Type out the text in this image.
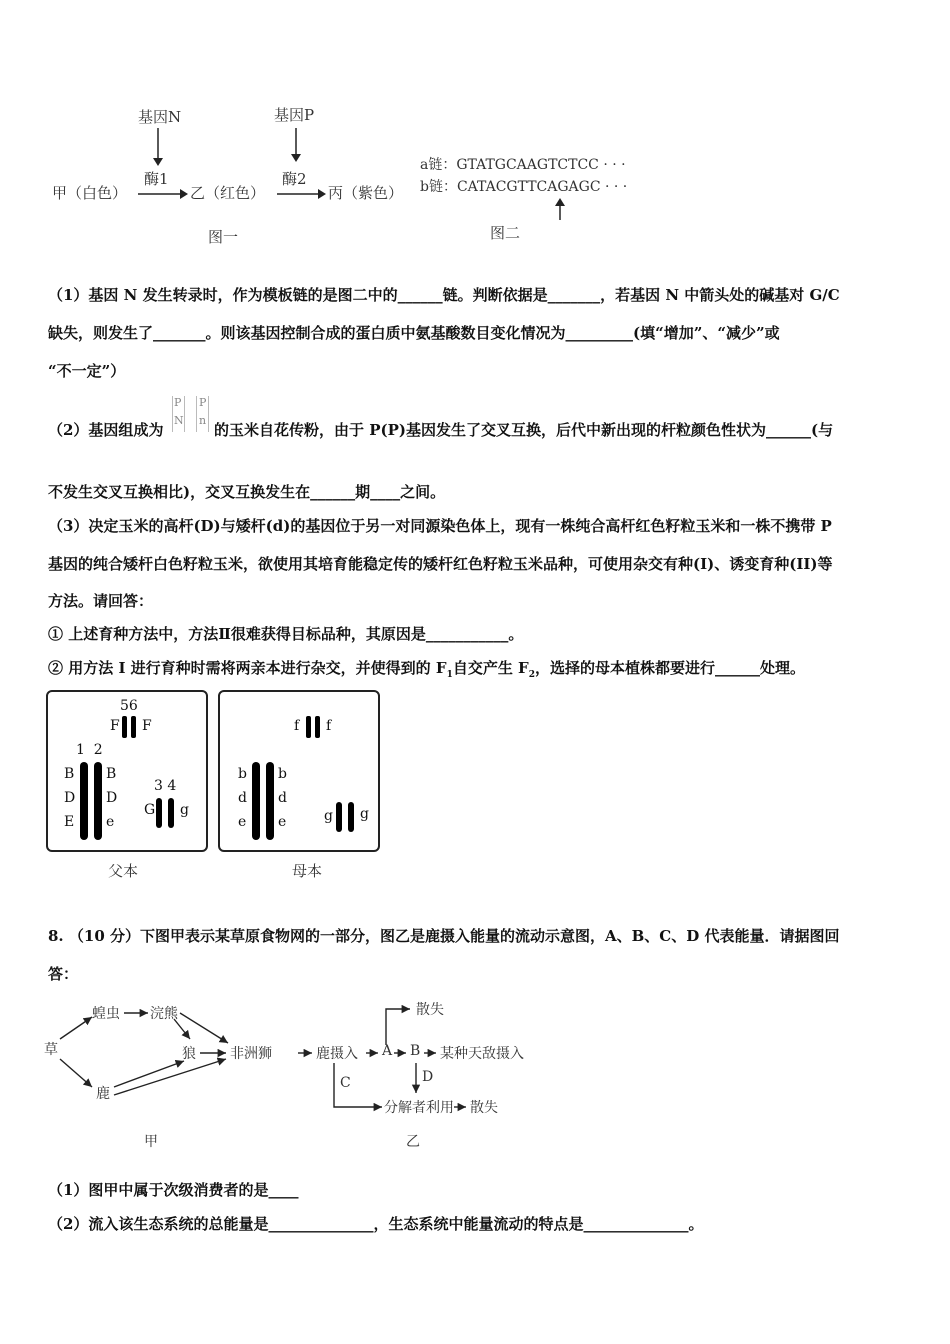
基因N	基因P
酶1	酶2
甲（白色）	乙（红色）	丙（紫色）
图一
a链：GTATGCAAGTCTCC · · ·
b链：CATACGTTCAGAGC · · ·
图二
（1）基因 N 发生转录时，作为模板链的是图二中的______链。判断依据是_______，若基因 N 中箭头处的碱基对 G/C
缺失，则发生了_______。则该基因控制合成的蛋白质中氨基酸数目变化情况为_________(填“增加”、“减少”或
“不一定”）
（2）基因组成为
P
N
P
n
的玉米自花传粉，由于 P(P)基因发生了交叉互换，后代中新出现的杆粒颜色性状为______(与
不发生交叉互换相比)，交叉互换发生在______期____之间。
（3）决定玉米的高杆(D)与矮杆(d)的基因位于另一对同源染色体上，现有一株纯合高杆红色籽粒玉米和一株不携带 P
基因的纯合矮杆白色籽粒玉米，欲使用其培育能稳定传的矮杆红色籽粒玉米品种，可使用杂交有种(I)、诱变育种(II)等
方法。请回答：
① 上述育种方法中，方法Ⅱ很难获得目标品种，其原因是___________。
② 用方法 I 进行育种时需将两亲本进行杂交，并使得到的 $F_1$自交产生 $F_2$，选择的母本植株都要进行______处理。
56
F F
1  2
B
D
E
B
D
e
3 4
G g
父本
f f
b
d
e
b
d
e	g g
母本
8. （10 分）下图甲表示某草原食物网的一部分，图乙是鹿摄入能量的流动示意图，A、B、C、D 代表能量．请据图回
答：
草
蝗虫 浣熊
狼 非洲狮
鹿
甲
鹿摄入 A B 某种天敌摄入
散失
C	D
分解者利用 散失
乙
（1）图甲中属于次级消费者的是____
（2）流入该生态系统的总能量是______________，生态系统中能量流动的特点是______________。
